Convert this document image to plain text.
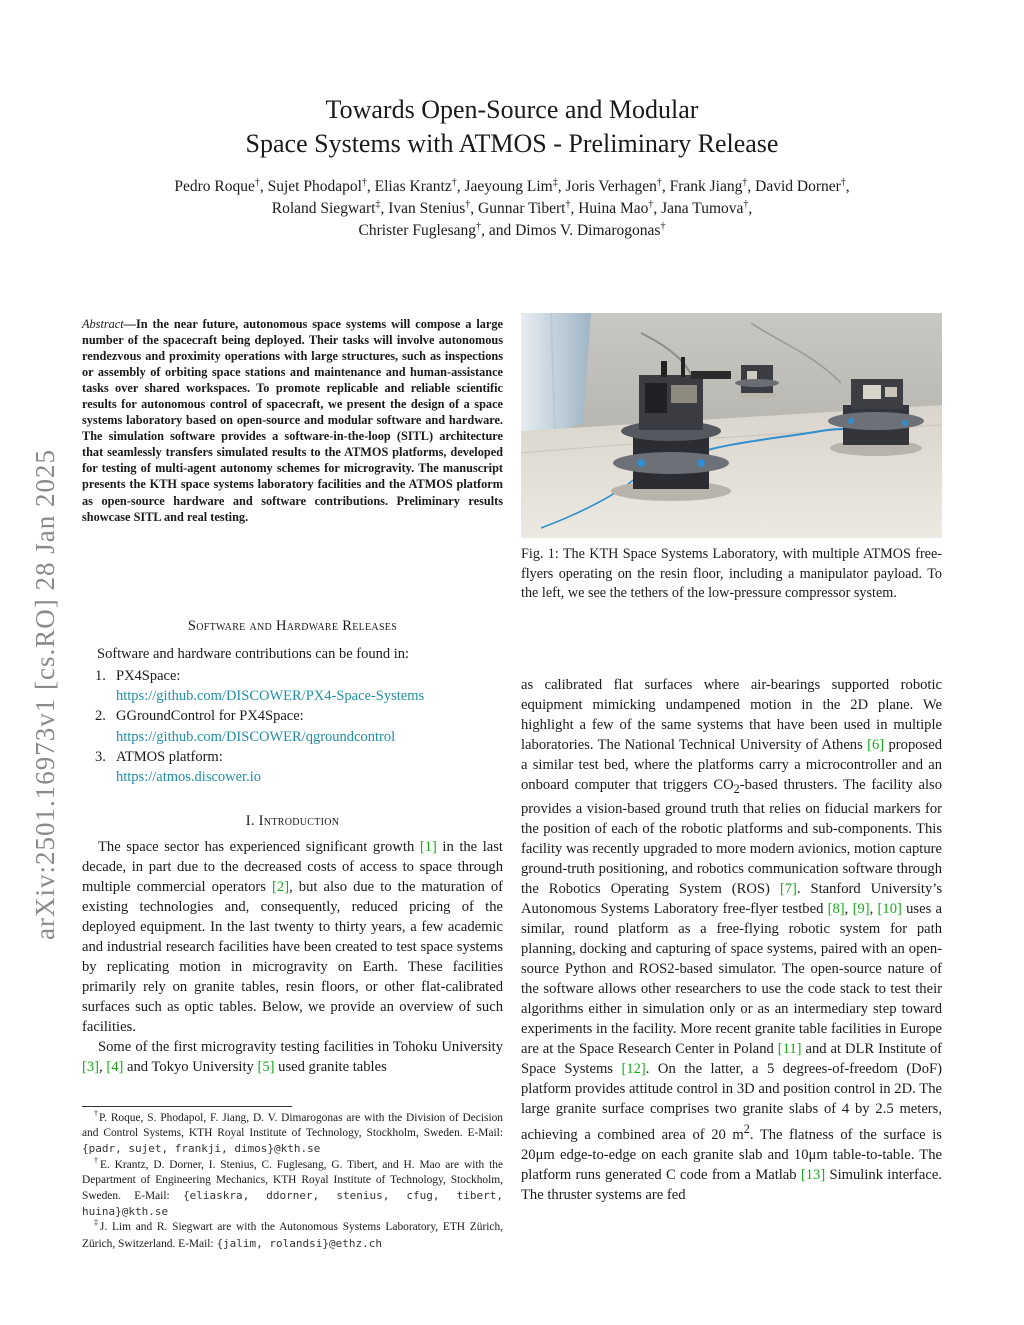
arXiv:2501.16973v1 [cs.RO] 28 Jan 2025
Towards Open-Source and Modular
Space Systems with ATMOS - Preliminary Release
Pedro Roque†, Sujet Phodapol†, Elias Krantz†, Jaeyoung Lim‡, Joris Verhagen†, Frank Jiang†, David Dorner†,
Roland Siegwart‡, Ivan Stenius†, Gunnar Tibert†, Huina Mao†, Jana Tumova†,
Christer Fuglesang†, and Dimos V. Dimarogonas†

Abstract—In the near future, autonomous space systems will compose a large number of the spacecraft being deployed. Their tasks will involve autonomous rendezvous and proximity operations with large structures, such as inspections or assembly of orbiting space stations and maintenance and human-assistance tasks over shared workspaces. To promote replicable and reliable scientific results for autonomous control of spacecraft, we present the design of a space systems laboratory based on open-source and modular software and hardware. The simulation software provides a software-in-the-loop (SITL) architecture that seamlessly transfers simulated results to the ATMOS platforms, developed for testing of multi-agent autonomy schemes for microgravity. The manuscript presents the KTH space systems laboratory facilities and the ATMOS platform as open-source hardware and software contributions. Preliminary results showcase SITL and real testing.

Fig. 1: The KTH Space Systems Laboratory, with multiple ATMOS free-flyers operating on the resin floor, including a manipulator payload. To the left, we see the tethers of the low-pressure compressor system.

Software and Hardware Releases

Software and hardware contributions can be found in:

1. PX4Space:
https://github.com/DISCOWER/PX4-Space-Systems
2. GGroundControl for PX4Space:
https://github.com/DISCOWER/qgroundcontrol
3. ATMOS platform:
https://atmos.discower.io
I. Introduction

The space sector has experienced significant growth [1] in the last decade, in part due to the decreased costs of access to space through multiple commercial operators [2], but also due to the maturation of existing technologies and, consequently, reduced pricing of the deployed equipment. In the last twenty to thirty years, a few academic and industrial research facilities have been created to test space systems by replicating motion in microgravity on Earth. These facilities primarily rely on granite tables, resin floors, or other flat-calibrated surfaces such as optic tables. Below, we provide an overview of such facilities.

Some of the first microgravity testing facilities in Tohoku University [3], [4] and Tokyo University [5] used granite tables

†P. Roque, S. Phodapol, F. Jiang, D. V. Dimarogonas are with the Division of Decision and Control Systems, KTH Royal Institute of Technology, Stockholm, Sweden. E-Mail: {padr, sujet, frankji, dimos}@kth.se

†E. Krantz, D. Dorner, I. Stenius, C. Fuglesang, G. Tibert, and H. Mao are with the Department of Engineering Mechanics, KTH Royal Institute of Technology, Stockholm, Sweden. E-Mail: {eliaskra, ddorner, stenius, cfug, tibert, huina}@kth.se

‡J. Lim and R. Siegwart are with the Autonomous Systems Laboratory, ETH Zürich, Zürich, Switzerland. E-Mail: {jalim, rolandsi}@ethz.ch

as calibrated flat surfaces where air-bearings supported robotic equipment mimicking undampened motion in the 2D plane. We highlight a few of the same systems that have been used in multiple laboratories. The National Technical University of Athens [6] proposed a similar test bed, where the platforms carry a microcontroller and an onboard computer that triggers $CO_2$-based thrusters. The facility also provides a vision-based ground truth that relies on fiducial markers for the position of each of the robotic platforms and sub-components. This facility was recently upgraded to more modern avionics, motion capture ground-truth positioning, and robotics communication software through the Robotics Operating System (ROS) [7]. Stanford University’s Autonomous Systems Laboratory free-flyer testbed [8], [9], [10] uses a similar, round platform as a free-flying robotic system for path planning, docking and capturing of space systems, paired with an open-source Python and ROS2-based simulator. The open-source nature of the software allows other researchers to use the code stack to test their algorithms either in simulation only or as an intermediary step toward experiments in the facility. More recent granite table facilities in Europe are at the Space Research Center in Poland [11] and at DLR Institute of Space Systems [12]. On the latter, a 5 degrees-of-freedom (DoF) platform provides attitude control in 3D and position control in 2D. The large granite surface comprises two granite slabs of 4 by 2.5 meters, achieving a combined area of 20 $m^2$. The flatness of the surface is 20μm edge-to-edge on each granite slab and 10μm table-to-table. The platform runs generated C code from a Matlab [13] Simulink interface. The thruster systems are fed
